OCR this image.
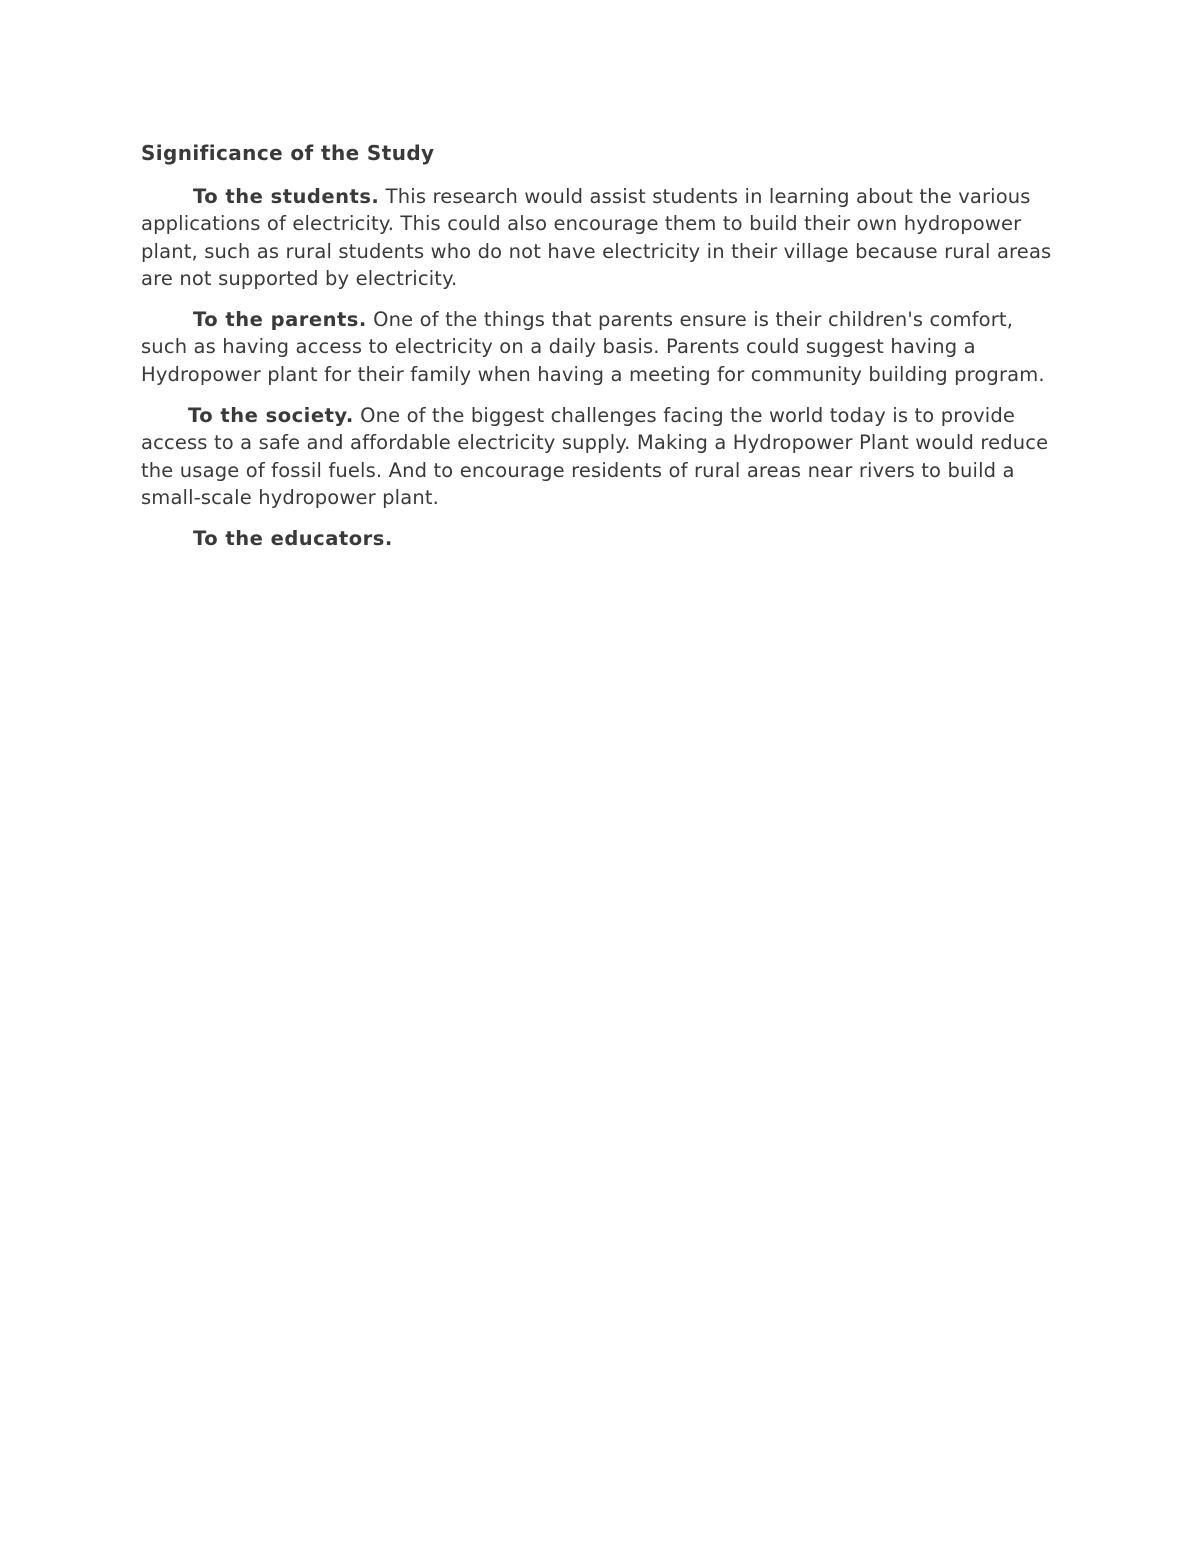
Significance of the Study

To the students. This research would assist students in learning about the various applications of electricity. This could also encourage them to build their own hydropower plant, such as rural students who do not have electricity in their village because rural areas are not supported by electricity.

To the parents. One of the things that parents ensure is their children's comfort, such as having access to electricity on a daily basis. Parents could suggest having a Hydropower plant for their family when having a meeting for community building program.

To the society. One of the biggest challenges facing the world today is to provide access to a safe and affordable electricity supply. Making a Hydropower Plant would reduce the usage of fossil fuels. And to encourage residents of rural areas near rivers to build a small-scale hydropower plant.

To the educators.
